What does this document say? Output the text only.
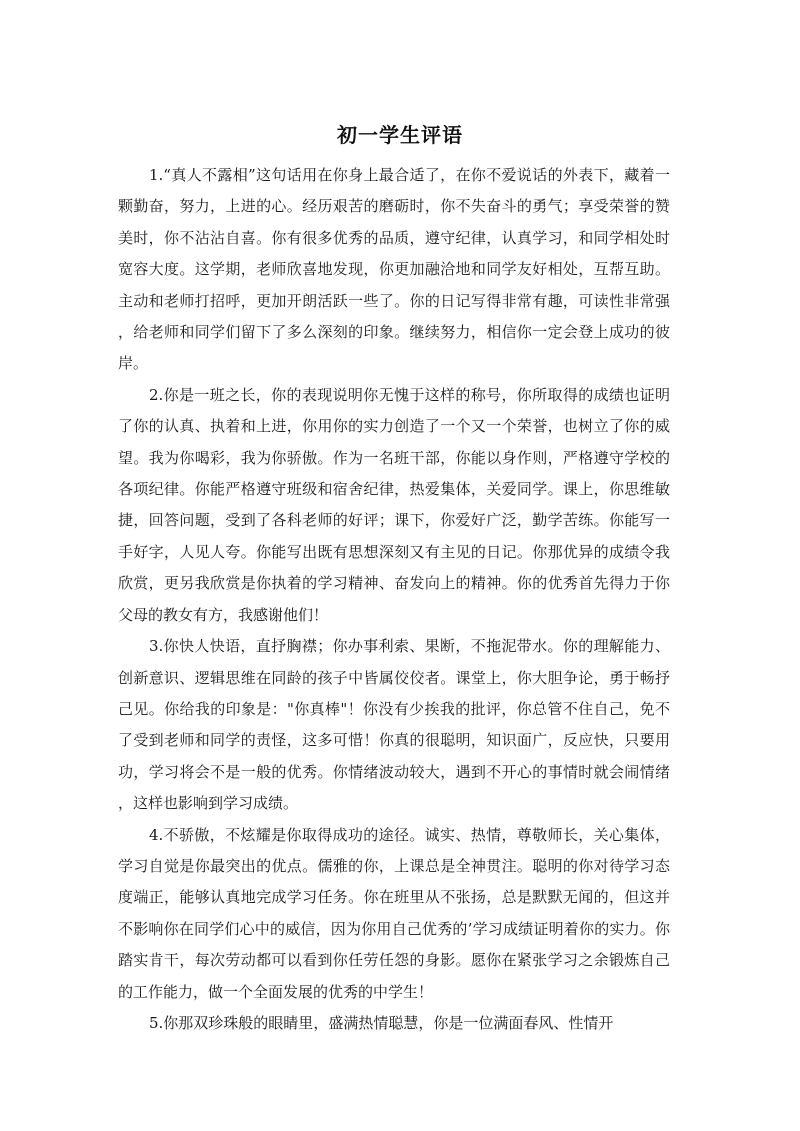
初一学生评语

1.“真人不露相”这句话用在你身上最合适了，在你不爱说话的外表下，藏着一颗勤奋，努力，上进的心。经历艰苦的磨砺时，你不失奋斗的勇气；享受荣誉的赞美时，你不沾沾自喜。你有很多优秀的品质，遵守纪律，认真学习，和同学相处时宽容大度。这学期，老师欣喜地发现，你更加融洽地和同学友好相处，互帮互助。主动和老师打招呼，更加开朗活跃一些了。你的日记写得非常有趣，可读性非常强，给老师和同学们留下了多么深刻的印象。继续努力，相信你一定会登上成功的彼岸。

2.你是一班之长，你的表现说明你无愧于这样的称号，你所取得的成绩也证明了你的认真、执着和上进，你用你的实力创造了一个又一个荣誉，也树立了你的威望。我为你喝彩，我为你骄傲。作为一名班干部，你能以身作则，严格遵守学校的各项纪律。你能严格遵守班级和宿舍纪律，热爱集体，关爱同学。课上，你思维敏捷，回答问题，受到了各科老师的好评；课下，你爱好广泛，勤学苦练。你能写一手好字，人见人夸。你能写出既有思想深刻又有主见的日记。你那优异的成绩令我欣赏，更另我欣赏是你执着的学习精神、奋发向上的精神。你的优秀首先得力于你父母的教女有方，我感谢他们！

3.你快人快语，直抒胸襟；你办事利索、果断，不拖泥带水。你的理解能力、创新意识、逻辑思维在同龄的孩子中皆属佼佼者。课堂上，你大胆争论，勇于畅抒己见。你给我的印象是："你真棒"！你没有少挨我的批评，你总管不住自己，免不了受到老师和同学的责怪，这多可惜！你真的很聪明，知识面广，反应快，只要用功，学习将会不是一般的优秀。你情绪波动较大，遇到不开心的事情时就会闹情绪，这样也影响到学习成绩。

4.不骄傲，不炫耀是你取得成功的途径。诚实、热情，尊敬师长，关心集体，学习自觉是你最突出的优点。儒雅的你，上课总是全神贯注。聪明的你对待学习态度端正，能够认真地完成学习任务。你在班里从不张扬，总是默默无闻的，但这并不影响你在同学们心中的威信，因为你用自己优秀的’学习成绩证明着你的实力。你踏实肯干，每次劳动都可以看到你任劳任怨的身影。愿你在紧张学习之余锻炼自己的工作能力，做一个全面发展的优秀的中学生！

5.你那双珍珠般的眼睛里，盛满热情聪慧，你是一位满面春风、性情开
